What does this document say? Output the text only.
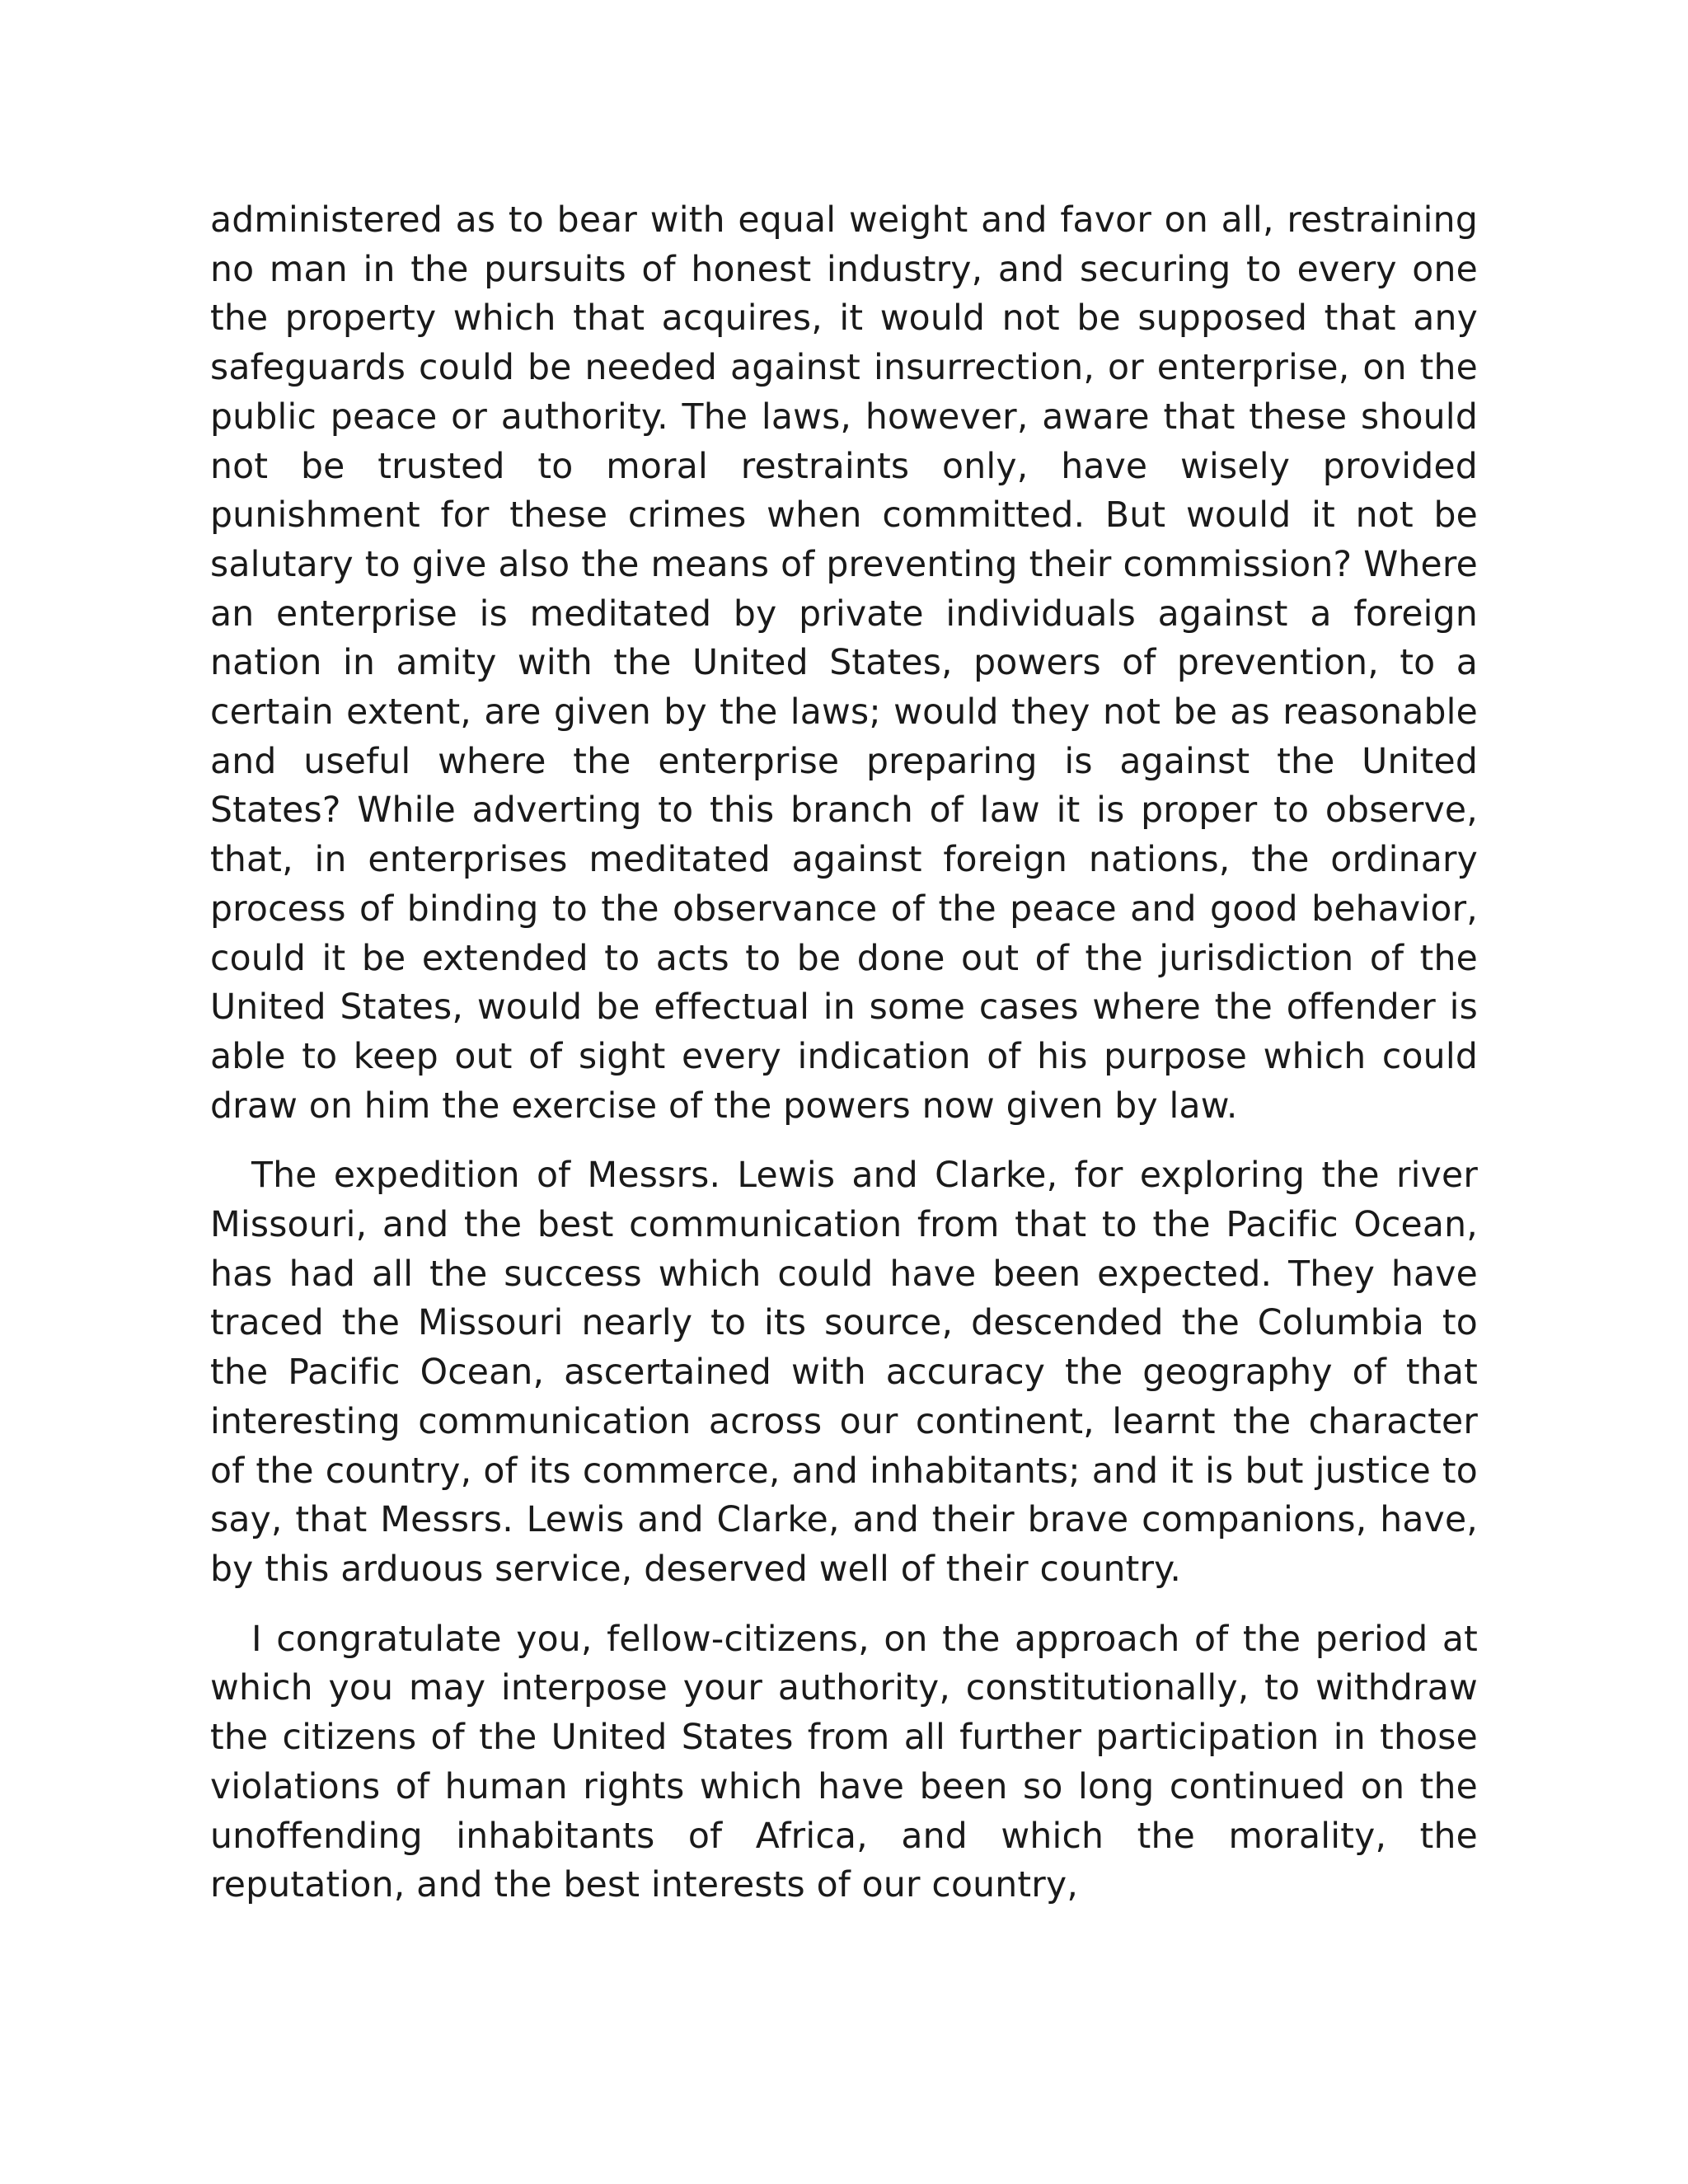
administered as to bear with equal weight and favor on all, restraining no man in the pursuits of honest industry, and securing to every one the property which that acquires, it would not be supposed that any safeguards could be needed against insurrection, or enterprise, on the public peace or authority. The laws, however, aware that these should not be trusted to moral restraints only, have wisely provided punishment for these crimes when committed. But would it not be salutary to give also the means of preventing their commission? Where an enterprise is meditated by private individuals against a foreign nation in amity with the United States, powers of prevention, to a certain extent, are given by the laws; would they not be as reasonable and useful where the enterprise preparing is against the United States? While adverting to this branch of law it is proper to observe, that, in enterprises meditated against foreign nations, the ordinary process of binding to the observance of the peace and good behavior, could it be extended to acts to be done out of the jurisdiction of the United States, would be effectual in some cases where the offender is able to keep out of sight every indication of his purpose which could draw on him the exercise of the powers now given by law.

The expedition of Messrs. Lewis and Clarke, for exploring the river Missouri, and the best communication from that to the Pacific Ocean, has had all the success which could have been expected. They have traced the Missouri nearly to its source, descended the Columbia to the Pacific Ocean, ascertained with accuracy the geography of that interesting communication across our continent, learnt the character of the country, of its commerce, and inhabitants; and it is but justice to say, that Messrs. Lewis and Clarke, and their brave companions, have, by this arduous service, deserved well of their country.

I congratulate you, fellow-citizens, on the approach of the period at which you may interpose your authority, constitutionally, to withdraw the citizens of the United States from all further participation in those violations of human rights which have been so long continued on the unoffending inhabitants of Africa, and which the morality, the reputation, and the best interests of our country,
